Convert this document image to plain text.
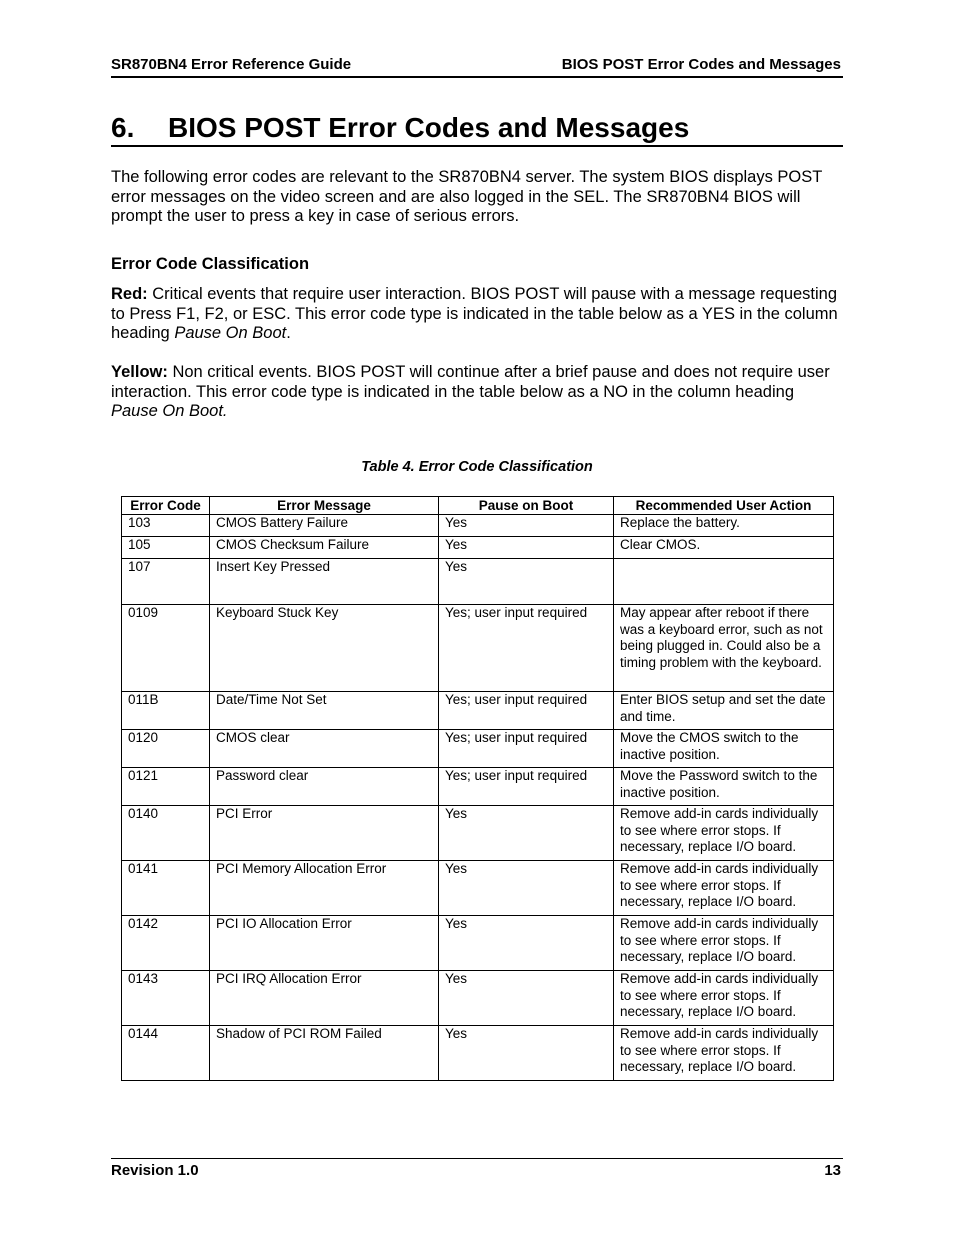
SR870BN4 Error Reference Guide	BIOS POST Error Codes and Messages
6. BIOS POST Error Codes and Messages
The following error codes are relevant to the SR870BN4 server. The system BIOS displays POST error messages on the video screen and are also logged in the SEL. The SR870BN4 BIOS will prompt the user to press a key in case of serious errors.
Error Code Classification
Red: Critical events that require user interaction. BIOS POST will pause with a message requesting to Press F1, F2, or ESC. This error code type is indicated in the table below as a YES in the column heading Pause On Boot.
Yellow: Non critical events. BIOS POST will continue after a brief pause and does not require user interaction. This error code type is indicated in the table below as a NO in the column heading Pause On Boot.
Table 4. Error Code Classification
Error Code	Error Message	Pause on Boot	Recommended User Action
103	CMOS Battery Failure	Yes	Replace the battery.
105	CMOS Checksum Failure	Yes	Clear CMOS.
107	Insert Key Pressed	Yes	
0109	Keyboard Stuck Key	Yes; user input required	May appear after reboot if there was a keyboard error, such as not being plugged in. Could also be a timing problem with the keyboard.
011B	Date/Time Not Set	Yes; user input required	Enter BIOS setup and set the date and time.
0120	CMOS clear	Yes; user input required	Move the CMOS switch to the inactive position.
0121	Password clear	Yes; user input required	Move the Password switch to the inactive position.
0140	PCI Error	Yes	Remove add-in cards individually to see where error stops. If necessary, replace I/O board.
0141	PCI Memory Allocation Error	Yes	Remove add-in cards individually to see where error stops. If necessary, replace I/O board.
0142	PCI IO Allocation Error	Yes	Remove add-in cards individually to see where error stops. If necessary, replace I/O board.
0143	PCI IRQ Allocation Error	Yes	Remove add-in cards individually to see where error stops. If necessary, replace I/O board.
0144	Shadow of PCI ROM Failed	Yes	Remove add-in cards individually to see where error stops. If necessary, replace I/O board.
Revision 1.0	13
